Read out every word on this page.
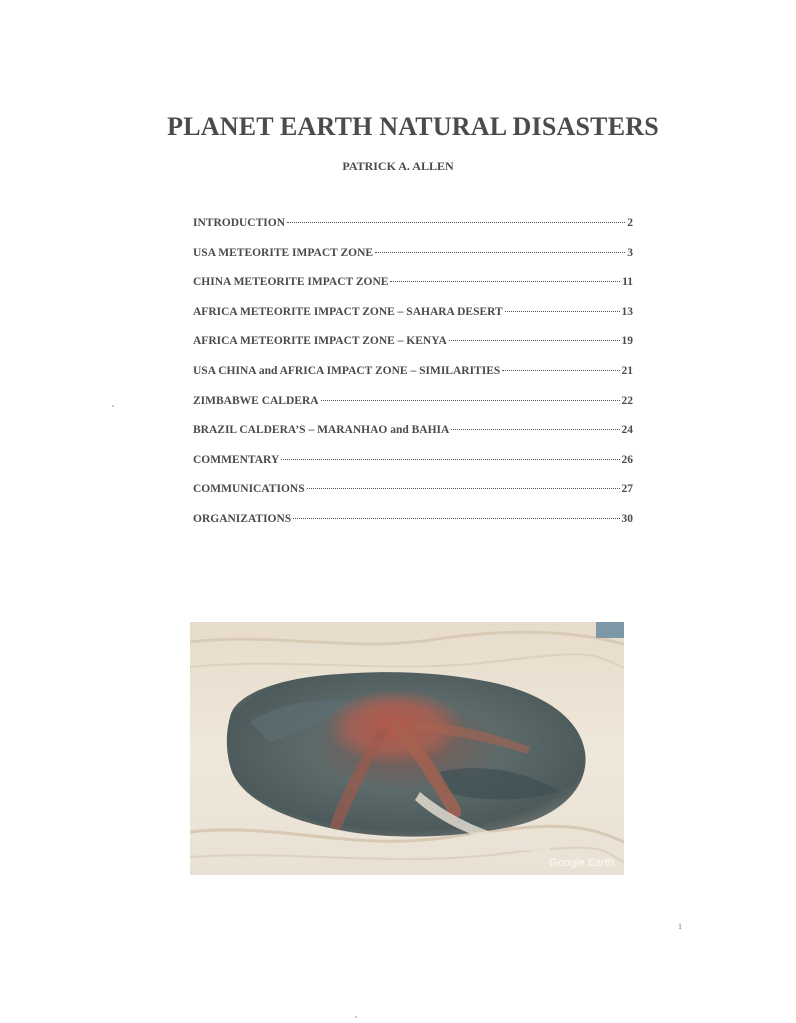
PLANET EARTH NATURAL DISASTERS
PATRICK A. ALLEN
INTRODUCTION	2
USA METEORITE IMPACT ZONE	3
CHINA METEORITE IMPACT ZONE	11
AFRICA METEORITE IMPACT ZONE – SAHARA DESERT	13
AFRICA METEORITE IMPACT ZONE – KENYA	19
USA CHINA and AFRICA IMPACT ZONE – SIMILARITIES	21
ZIMBABWE CALDERA	22
BRAZIL CALDERA’S – MARANHAO and BAHIA	24
COMMENTARY	26
COMMUNICATIONS	27
ORGANIZATIONS	30
Google Earth
1
